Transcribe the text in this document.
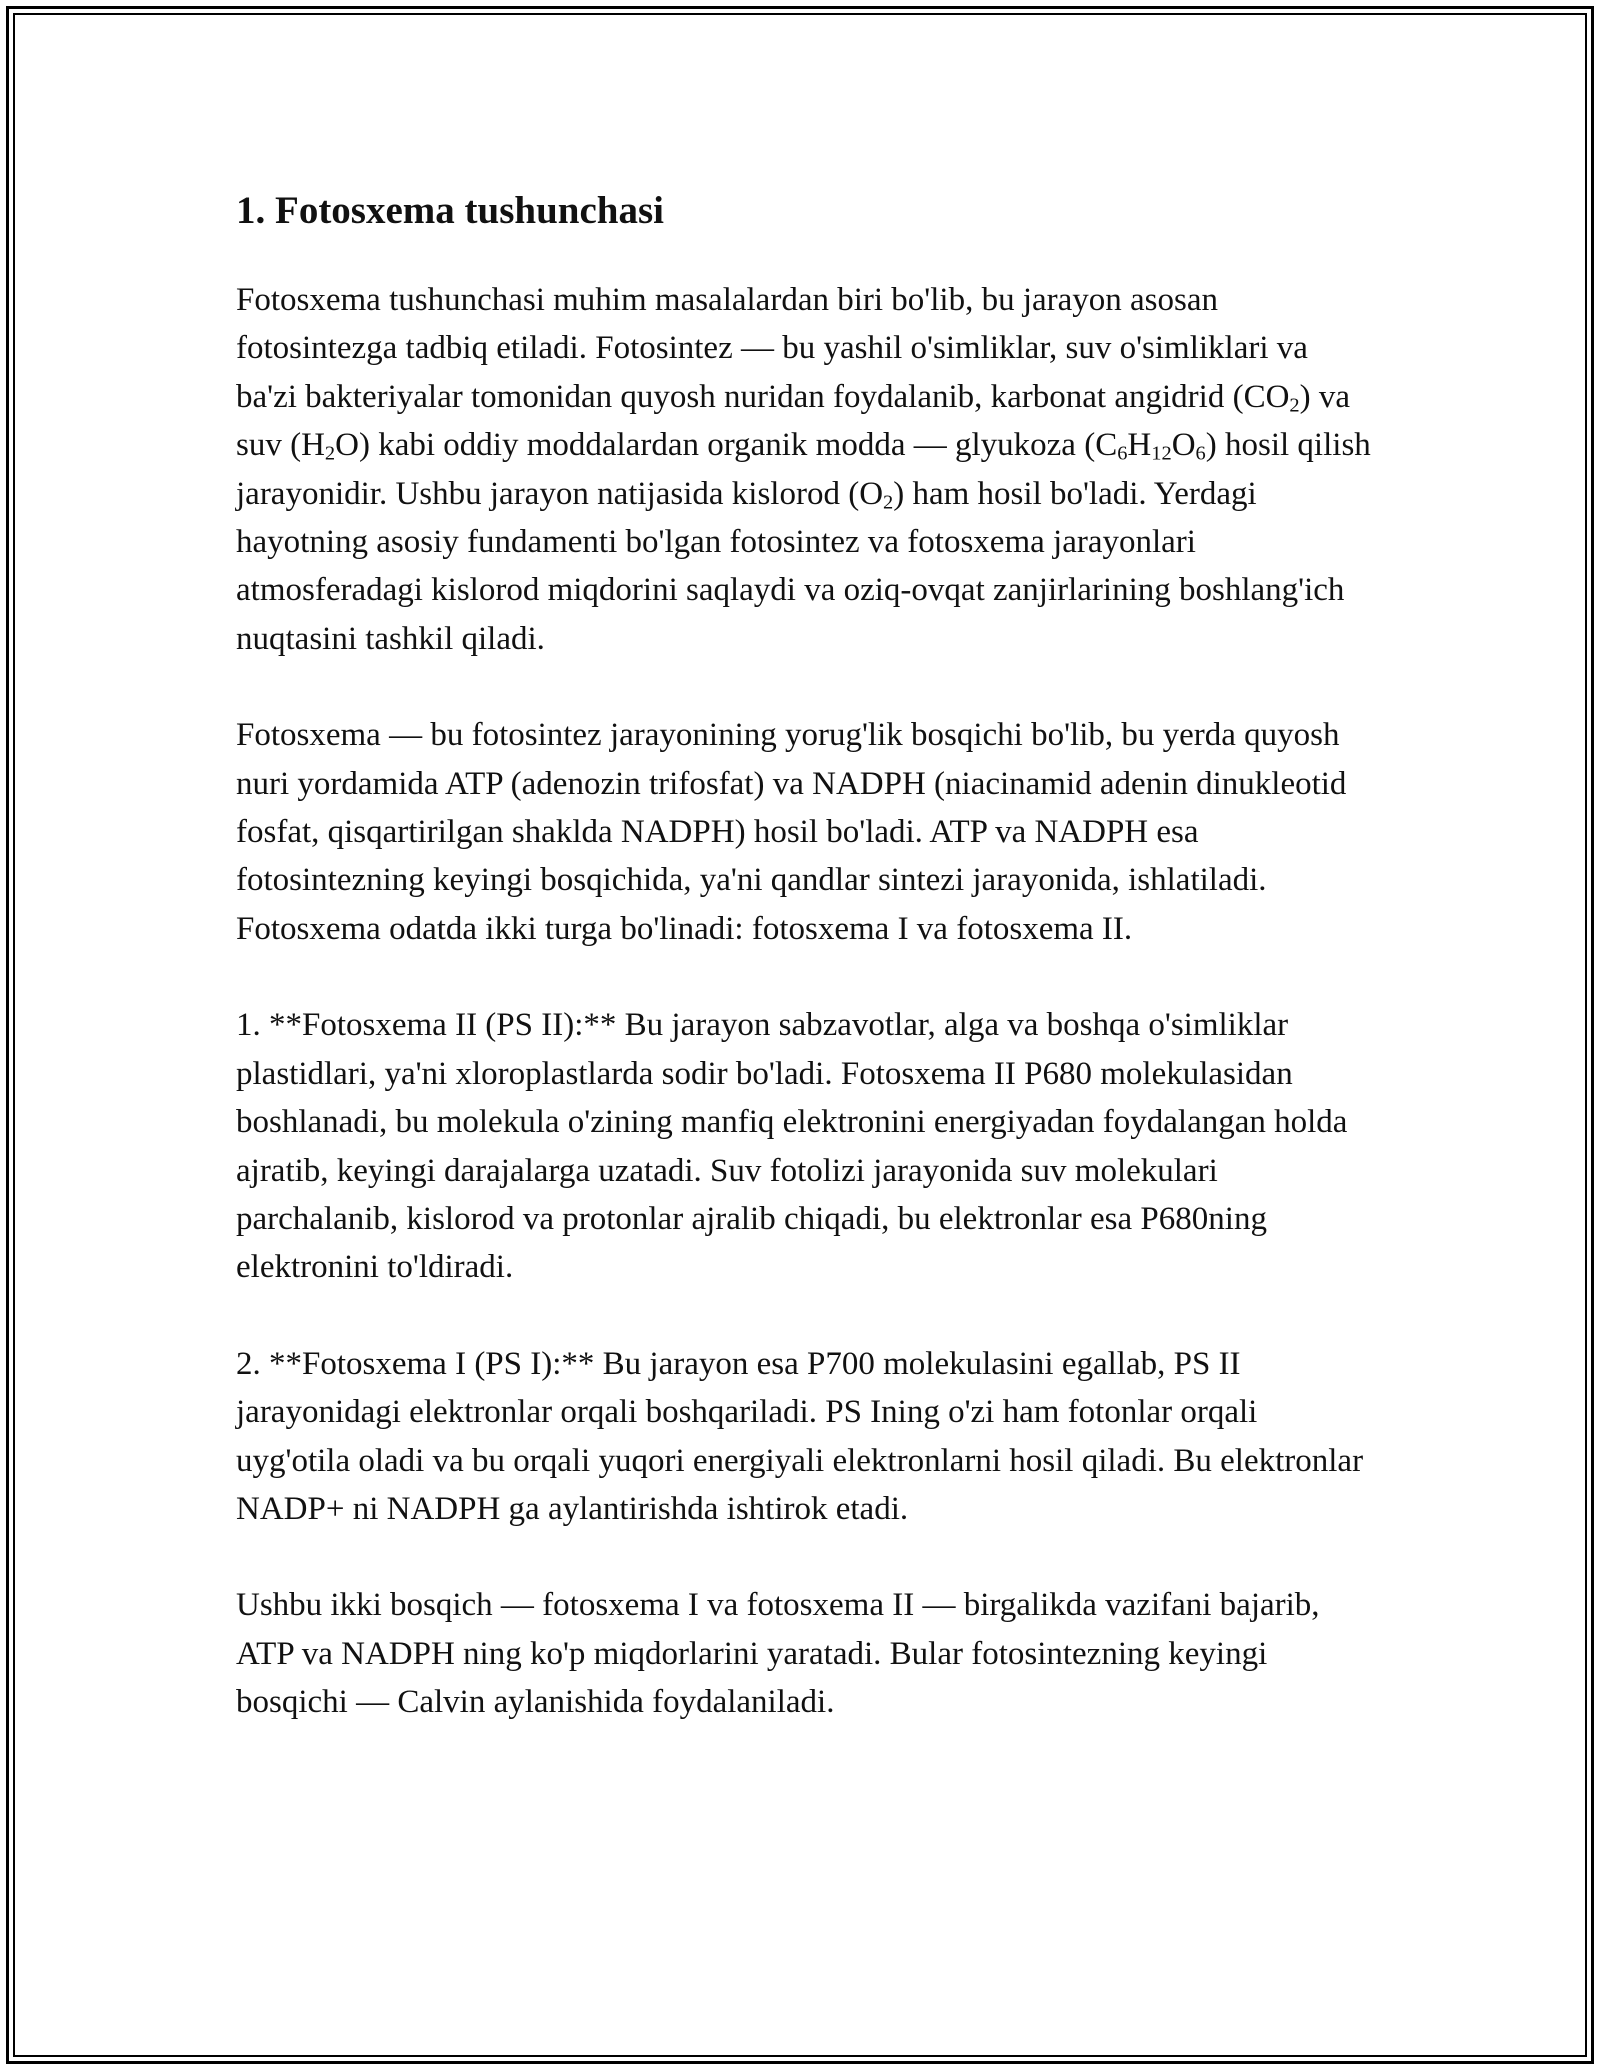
1. Fotosxema tushunchasi

Fotosxema tushunchasi muhim masalalardan biri bo'lib, bu jarayon asosan fotosintezga tadbiq etiladi. Fotosintez — bu yashil o'simliklar, suv o'simliklari va ba'zi bakteriyalar tomonidan quyosh nuridan foydalanib, karbonat angidrid $(CO_2)$ va suv $(H_2O)$ kabi oddiy moddalardan organik modda — glyukoza $(C_6H_{12}O_6)$ hosil qilish jarayonidir. Ushbu jarayon natijasida kislorod $(O_2)$ ham hosil bo'ladi. Yerdagi hayotning asosiy fundamenti bo'lgan fotosintez va fotosxema jarayonlari atmosferadagi kislorod miqdorini saqlaydi va oziq-ovqat zanjirlarining boshlang'ich nuqtasini tashkil qiladi.

Fotosxema — bu fotosintez jarayonining yorug'lik bosqichi bo'lib, bu yerda quyosh nuri yordamida ATP (adenozin trifosfat) va NADPH (niacinamid adenin dinukleotid fosfat, qisqartirilgan shaklda NADPH) hosil bo'ladi. ATP va NADPH esa fotosintezning keyingi bosqichida, ya'ni qandlar sintezi jarayonida, ishlatiladi. Fotosxema odatda ikki turga bo'linadi: fotosxema I va fotosxema II.

1. **Fotosxema II (PS II):** Bu jarayon sabzavotlar, alga va boshqa o'simliklar plastidlari, ya'ni xloroplastlarda sodir bo'ladi. Fotosxema II P680 molekulasidan boshlanadi, bu molekula o'zining manfiq elektronini energiyadan foydalangan holda ajratib, keyingi darajalarga uzatadi. Suv fotolizi jarayonida suv molekulari parchalanib, kislorod va protonlar ajralib chiqadi, bu elektronlar esa P680ning elektronini to'ldiradi.

2. **Fotosxema I (PS I):** Bu jarayon esa P700 molekulasini egallab, PS II jarayonidagi elektronlar orqali boshqariladi. PS Ining o'zi ham fotonlar orqali uyg'otila oladi va bu orqali yuqori energiyali elektronlarni hosil qiladi. Bu elektronlar NADP+ ni NADPH ga aylantirishda ishtirok etadi.

Ushbu ikki bosqich — fotosxema I va fotosxema II — birgalikda vazifani bajarib, ATP va NADPH ning ko'p miqdorlarini yaratadi. Bular fotosintezning keyingi bosqichi — Calvin aylanishida foydalaniladi.
